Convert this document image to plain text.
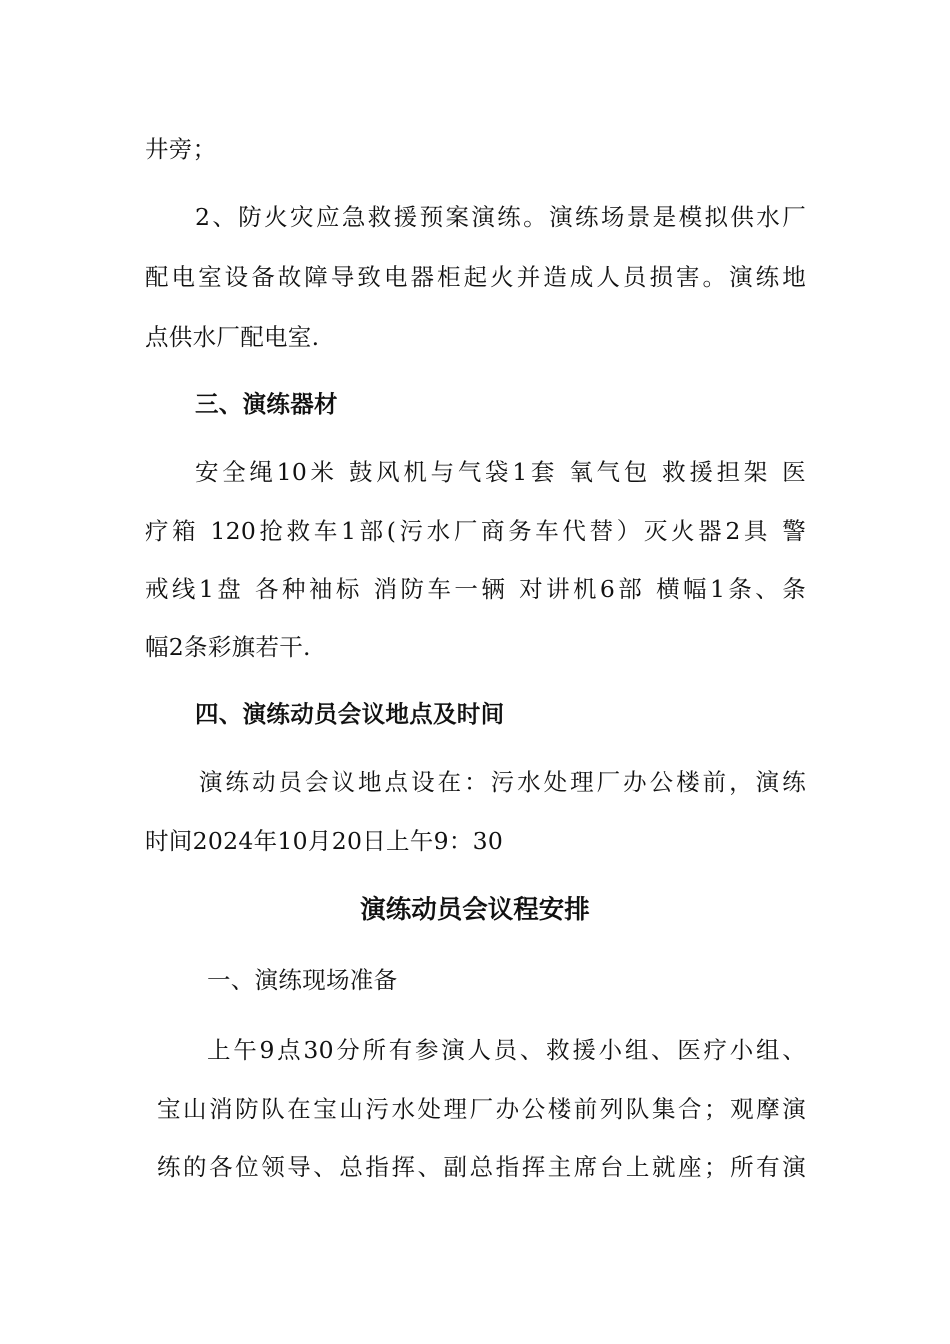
井旁；
2、防火灾应急救援预案演练。演练场景是模拟供水厂
配电室设备故障导致电器柜起火并造成人员损害。演练地
点供水厂配电室.
三、演练器材
安全绳10米 鼓风机与气袋1套 氧气包 救援担架 医
疗箱 120抢救车1部(污水厂商务车代替）灭火器2具 警
戒线1盘 各种袖标 消防车一辆 对讲机6部 横幅1条、条
幅2条彩旗若干.
四、演练动员会议地点及时间
演练动员会议地点设在：污水处理厂办公楼前，演练
时间2024年10月20日上午9：30
演练动员会议程安排
一、演练现场准备
上午9点30分所有参演人员、救援小组、医疗小组、
宝山消防队在宝山污水处理厂办公楼前列队集合；观摩演
练的各位领导、总指挥、副总指挥主席台上就座；所有演
